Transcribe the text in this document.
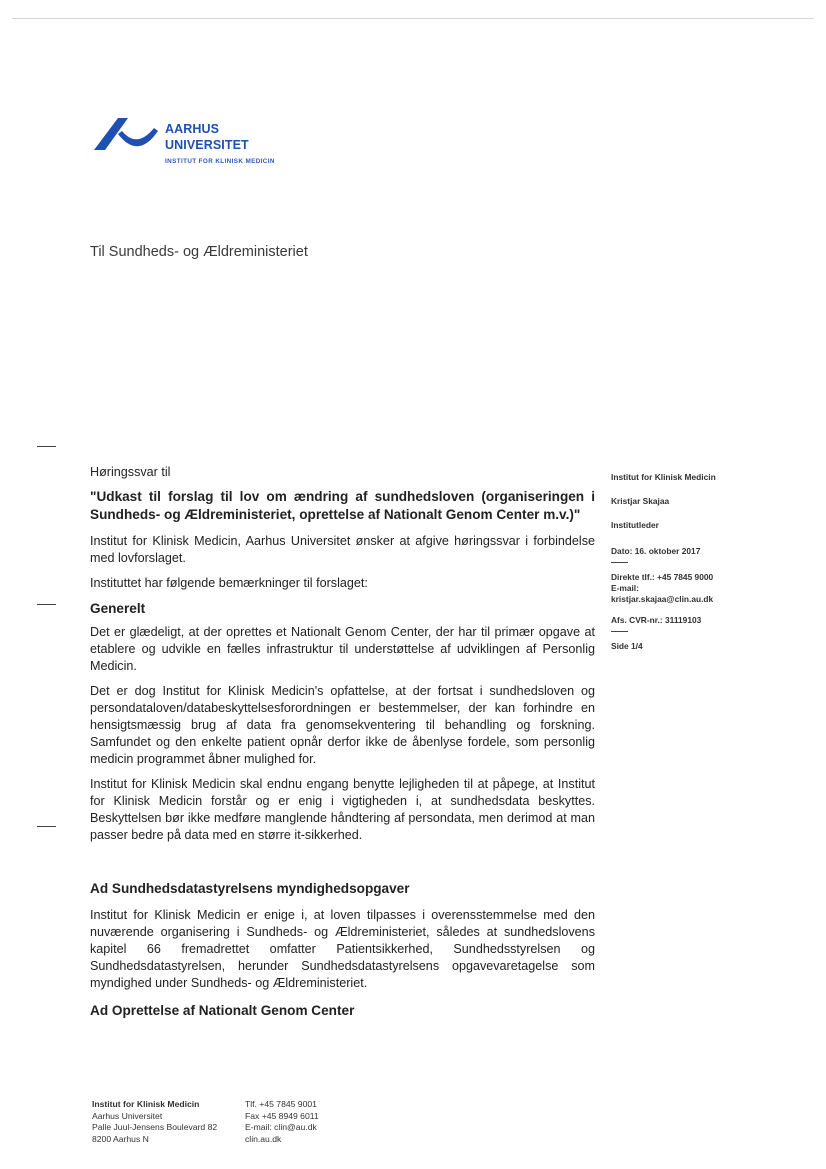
AARHUS
UNIVERSITET
INSTITUT FOR KLINISK MEDICIN
Til Sundheds- og Ældreministeriet

Høringssvar til

"Udkast til forslag til lov om ændring af sundhedsloven (organiseringen i Sundheds- og Ældreministeriet, oprettelse af Nationalt Genom Center m.v.)"

Institut for Klinisk Medicin, Aarhus Universitet ønsker at afgive høringssvar i forbindelse med lovforslaget.

Instituttet har følgende bemærkninger til forslaget:

Generelt

Det er glædeligt, at der oprettes et Nationalt Genom Center, der har til primær opgave at etablere og udvikle en fælles infrastruktur til understøttelse af udviklingen af Personlig Medicin.

Det er dog Institut for Klinisk Medicin's opfattelse, at der fortsat i sundhedsloven og persondataloven/databeskyttelsesforordningen er bestemmelser, der kan forhindre en hensigtsmæssig brug af data fra genomsekventering til behandling og forskning. Samfundet og den enkelte patient opnår derfor ikke de åbenlyse fordele, som personlig medicin programmet åbner mulighed for.

Institut for Klinisk Medicin skal endnu engang benytte lejligheden til at påpege, at Institut for Klinisk Medicin forstår og er enig i vigtigheden i, at sundhedsdata beskyttes. Beskyttelsen bør ikke medføre manglende håndtering af persondata, men derimod at man passer bedre på data med en større it-sikkerhed.

Ad Sundhedsdatastyrelsens myndighedsopgaver

Institut for Klinisk Medicin er enige i, at loven tilpasses i overensstemmelse med den nuværende organisering i Sundheds- og Ældreministeriet, således at sundhedslovens kapitel 66 fremadrettet omfatter Patientsikkerhed, Sundhedsstyrelsen og Sundhedsdatastyrelsen, herunder Sundhedsdatastyrelsens opgavevaretagelse som myndighed under Sundheds- og Ældreministeriet.

Ad Oprettelse af Nationalt Genom Center
Institut for Klinisk Medicin
Kristjar Skajaa
Institutleder
Dato: 16. oktober 2017
Direkte tlf.: +45 7845 9000
E-mail:
kristjar.skajaa@clin.au.dk
Afs. CVR-nr.: 31119103
Side 1/4
Institut for Klinisk Medicin
Aarhus Universitet
Palle Juul-Jensens Boulevard 82
8200 Aarhus N
Tlf. +45 7845 9001
Fax +45 8949 6011
E-mail: clin@au.dk
clin.au.dk
